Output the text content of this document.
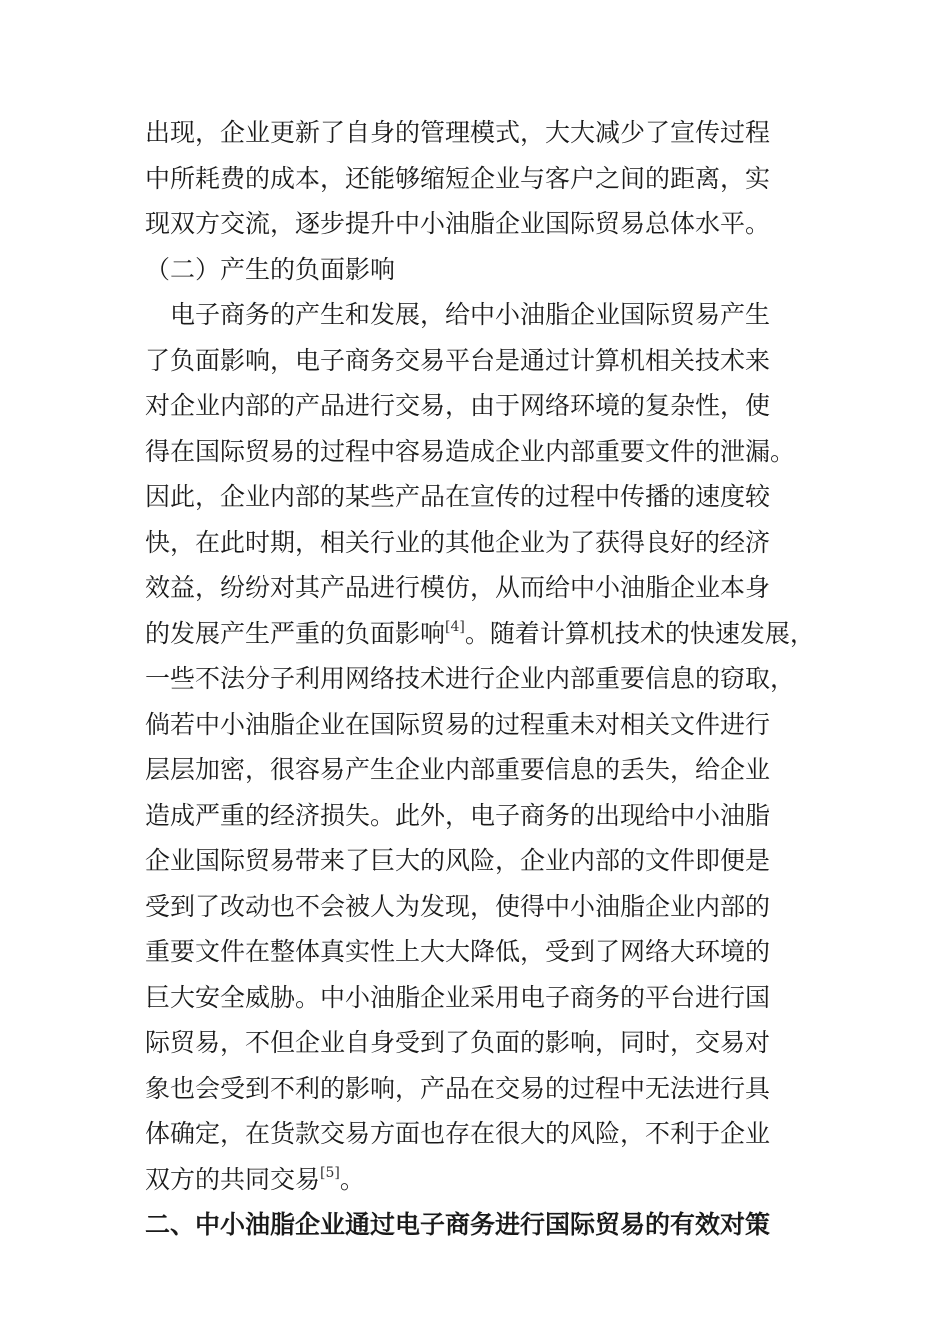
出现，企业更新了自身的管理模式，大大减少了宣传过程
中所耗费的成本，还能够缩短企业与客户之间的距离，实
现双方交流，逐步提升中小油脂企业国际贸易总体水平。
（二）产生的负面影响
　电子商务的产生和发展，给中小油脂企业国际贸易产生
了负面影响，电子商务交易平台是通过计算机相关技术来
对企业内部的产品进行交易，由于网络环境的复杂性，使
得在国际贸易的过程中容易造成企业内部重要文件的泄漏。
因此，企业内部的某些产品在宣传的过程中传播的速度较
快，在此时期，相关行业的其他企业为了获得良好的经济
效益，纷纷对其产品进行模仿，从而给中小油脂企业本身
的发展产生严重的负面影响[4]。随着计算机技术的快速发展，
一些不法分子利用网络技术进行企业内部重要信息的窃取，
倘若中小油脂企业在国际贸易的过程重未对相关文件进行
层层加密，很容易产生企业内部重要信息的丢失，给企业
造成严重的经济损失。此外，电子商务的出现给中小油脂
企业国际贸易带来了巨大的风险，企业内部的文件即便是
受到了改动也不会被人为发现，使得中小油脂企业内部的
重要文件在整体真实性上大大降低，受到了网络大环境的
巨大安全威胁。中小油脂企业采用电子商务的平台进行国
际贸易，不但企业自身受到了负面的影响，同时，交易对
象也会受到不利的影响，产品在交易的过程中无法进行具
体确定，在货款交易方面也存在很大的风险，不利于企业
双方的共同交易[5]。
二、中小油脂企业通过电子商务进行国际贸易的有效对策
